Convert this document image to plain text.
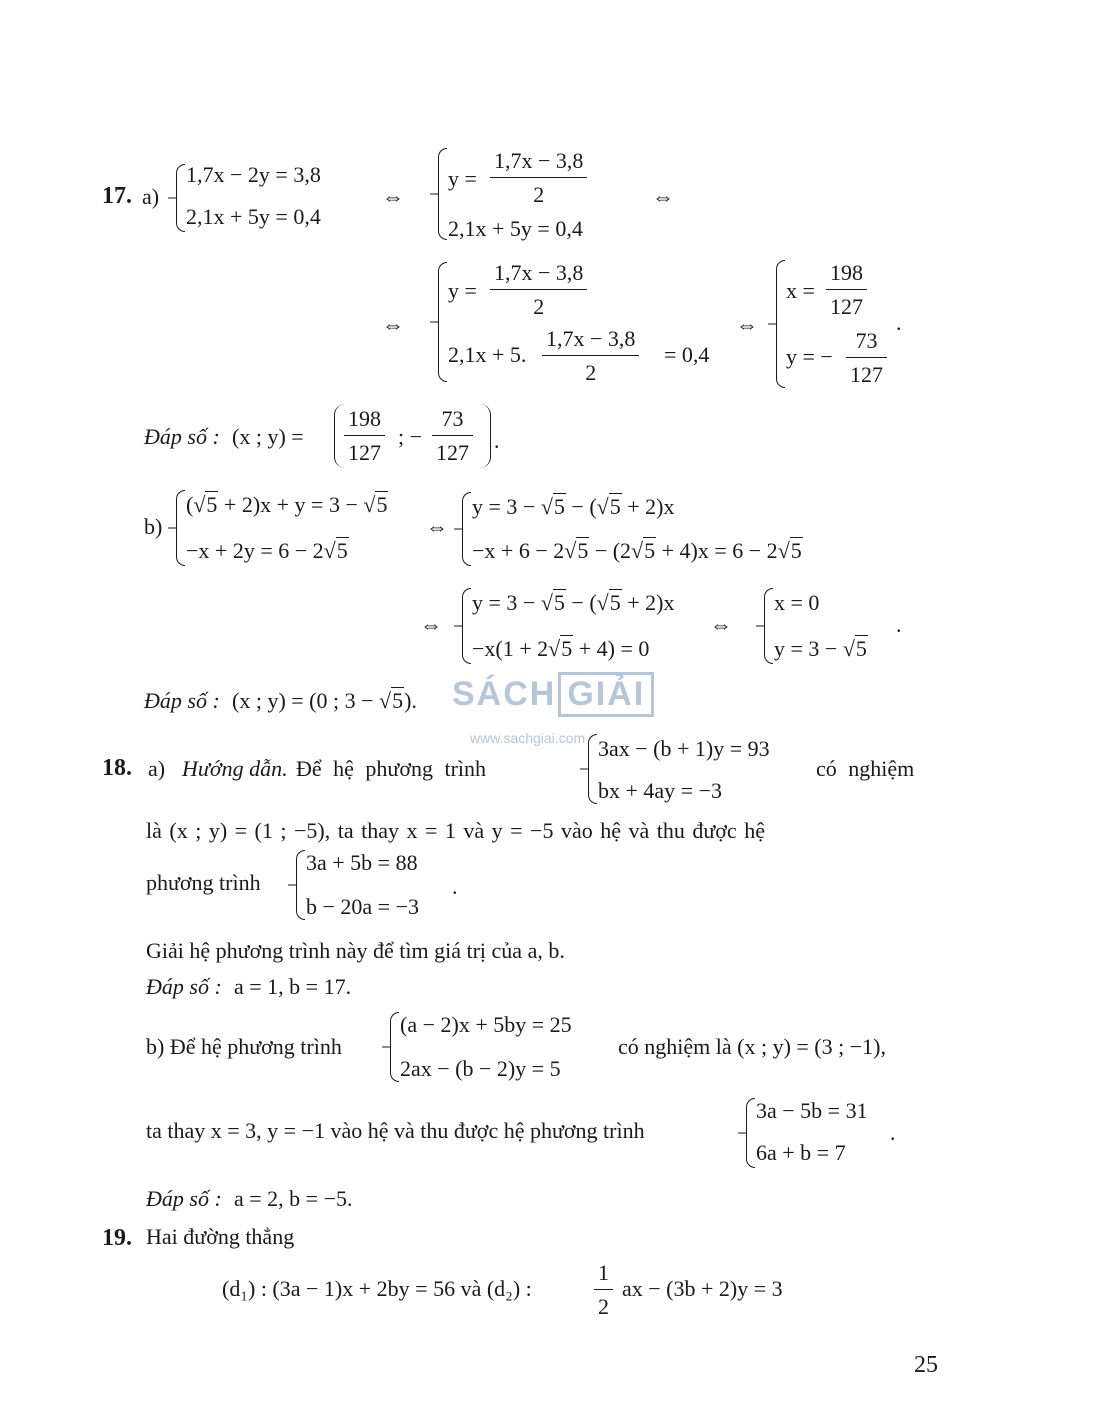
17. a)
1,7x − 2y = 3,8
2,1x + 5y = 0,4
⇔
$y = \frac{1,7x - 3,8}{2}$
2,1x + 5y = 0,4
⇔
⇔
$y = \frac{1,7x - 3,8}{2}$
2,1x + 5. $\frac{1,7x - 3,8}{2} = 0,4$
⇔
$x = \frac{198}{127}$
y = − $\frac{73}{127}$
.
Đáp số : (x ; $y) = \frac{198}{127}$ ; − $\frac{73}{127}$ .
b)
(√5 + 2)x + y = 3 − √5
−x + 2y = 6 − 2√5
⇔
y = 3 − √5 − (√5 + 2)x
−x + 6 − 2√5 − (2√5 + 4)x = 6 − 2√5
⇔
y = 3 − √5 − (√5 + 2)x
−x(1 + 2√5 + 4) = 0
⇔
x = 0
y = 3 − √5
.
Đáp số : (x ; y) = (0 ; 3 − √5). SÁCH GIẢI
www.sachgiai.com
18. a) Hướng dẫn. Để hệ phương trình
3ax − (b + 1)y = 93
bx + 4ay = −3
có nghiệm
là (x ; y) = (1 ; −5), ta thay x = 1 và y = −5 vào hệ và thu được hệ
phương trình
3a + 5b = 88
b − 20a = −3
.
Giải hệ phương trình này để tìm giá trị của a, b.
Đáp số : a = 1, b = 17.
b) Để hệ phương trình
(a − 2)x + 5by = 25
2ax − (b − 2)y = 5
có nghiệm là (x ; y) = (3 ; −1),
ta thay x = 3, y = −1 vào hệ và thu được hệ phương trình
3a − 5b = 31
6a + b = 7
.
Đáp số : a = 2, b = −5.
19. Hai đường thẳng
(d₁) : (3a − 1)x + 2by = 56 và (d₂) :	$\frac{1}{2}$ ax − (3b + 2)y = 3
25
